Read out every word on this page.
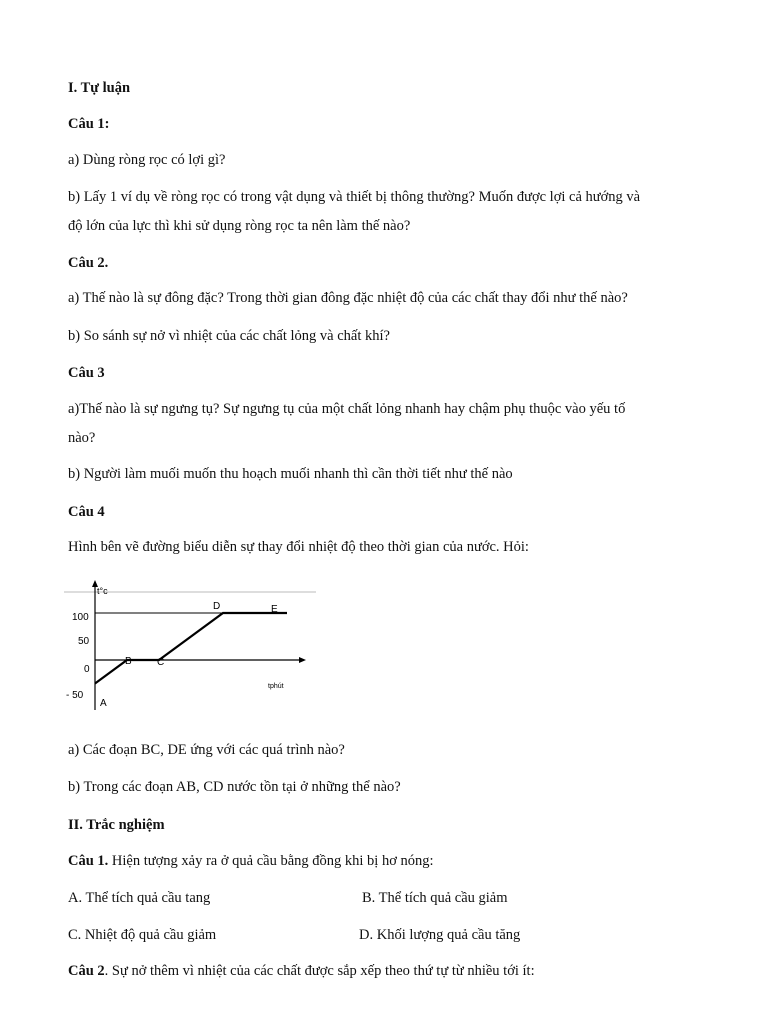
I. Tự luận
Câu 1:
a) Dùng ròng rọc có lợi gì?
b) Lấy 1 ví dụ về ròng rọc có trong vật dụng và thiết bị thông thường? Muốn được lợi cả hướng và
độ lớn của lực thì khi sử dụng ròng rọc ta nên làm thế nào?
Câu 2.
a) Thế nào là sự đông đặc? Trong thời gian đông đặc nhiệt độ của các chất thay đổi như thế nào?
b) So sánh sự nở vì nhiệt của các chất lỏng và chất khí?
Câu 3
a)Thế nào là sự ngưng tụ? Sự ngưng tụ của một chất lỏng nhanh hay chậm phụ thuộc vào yếu tố
nào?
b) Người làm muối muốn thu hoạch muối nhanh thì cần thời tiết như thế nào
Câu 4
Hình bên vẽ đường biểu diễn sự thay đổi nhiệt độ theo thời gian của nước. Hỏi:
t°c
tphút
100
50
0
- 50
A
B	C
D	E
a) Các đoạn BC, DE ứng với các quá trình nào?
b) Trong các đoạn AB, CD nước tồn tại ở những thể nào?
II. Trắc nghiệm
Câu 1. Hiện tượng xảy ra ở quả cầu bằng đồng khi bị hơ nóng:
A. Thể tích quả cầu tang	B. Thể tích quả cầu giảm
C. Nhiệt độ quả cầu giảm	D. Khối lượng quả cầu tăng
Câu 2. Sự nở thêm vì nhiệt của các chất được sắp xếp theo thứ tự từ nhiều tới ít:
